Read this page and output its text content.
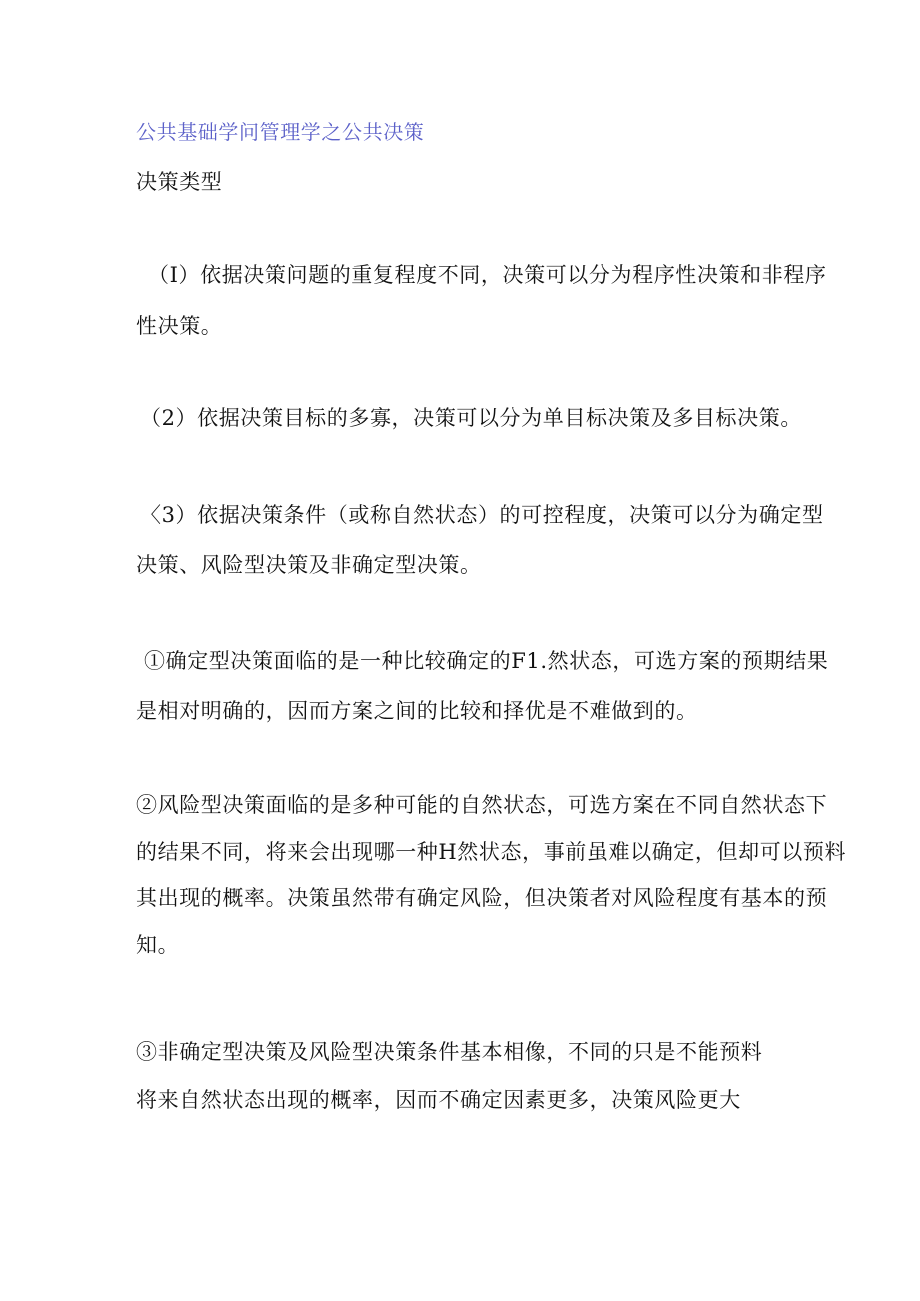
公共基础学问管理学之公共决策
决策类型
（I）依据决策问题的重复程度不同，决策可以分为程序性决策和非程序
性决策。
（2）依据决策目标的多寡，决策可以分为单目标决策及多目标决策。
〈3）依据决策条件（或称自然状态）的可控程度，决策可以分为确定型
决策、风险型决策及非确定型决策。
①确定型决策面临的是一种比较确定的F1.然状态，可选方案的预期结果
是相对明确的，因而方案之间的比较和择优是不难做到的。
②风险型决策面临的是多种可能的自然状态，可选方案在不同自然状态下
的结果不同，将来会出现哪一种H然状态，事前虽难以确定，但却可以预料
其出现的概率。决策虽然带有确定风险，但决策者对风险程度有基本的预
知。
③非确定型决策及风险型决策条件基本相像，不同的只是不能预料
将来自然状态出现的概率，因而不确定因素更多，决策风险更大
